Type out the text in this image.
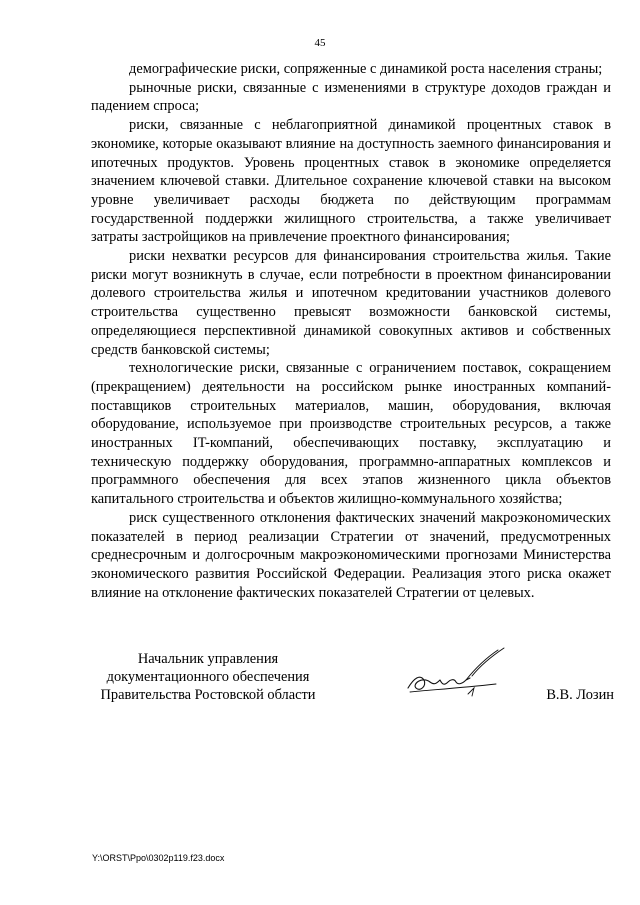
45

демографические риски, сопряженные с динамикой роста населения страны;

рыночные риски, связанные с изменениями в структуре доходов граждан и падением спроса;

риски, связанные с неблагоприятной динамикой процентных ставок в экономике, которые оказывают влияние на доступность заемного финансирования и ипотечных продуктов. Уровень процентных ставок в экономике определяется значением ключевой ставки. Длительное сохранение ключевой ставки на высоком уровне увеличивает расходы бюджета по действующим программам государственной поддержки жилищного строительства, а также увеличивает затраты застройщиков на привлечение проектного финансирования;

риски нехватки ресурсов для финансирования строительства жилья. Такие риски могут возникнуть в случае, если потребности в проектном финансировании долевого строительства жилья и ипотечном кредитовании участников долевого строительства существенно превысят возможности банковской системы, определяющиеся перспективной динамикой совокупных активов и собственных средств банковской системы;

технологические риски, связанные с ограничением поставок, сокращением (прекращением) деятельности на российском рынке иностранных компаний-поставщиков строительных материалов, машин, оборудования, включая оборудование, используемое при производстве строительных ресурсов, а также иностранных IT-компаний, обеспечивающих поставку, эксплуатацию и техническую поддержку оборудования, программно-аппаратных комплексов и программного обеспечения для всех этапов жизненного цикла объектов капитального строительства и объектов жилищно-коммунального хозяйства;

риск существенного отклонения фактических значений макроэкономических показателей в период реализации Стратегии от значений, предусмотренных среднесрочным и долгосрочным макроэкономическими прогнозами Министерства экономического развития Российской Федерации. Реализация этого риска окажет влияние на отклонение фактических показателей Стратегии от целевых.

Начальник управления
документационного обеспечения
Правительства Ростовской области	В.В. Лозин
Y:\ORST\Ppo\0302p119.f23.docx
